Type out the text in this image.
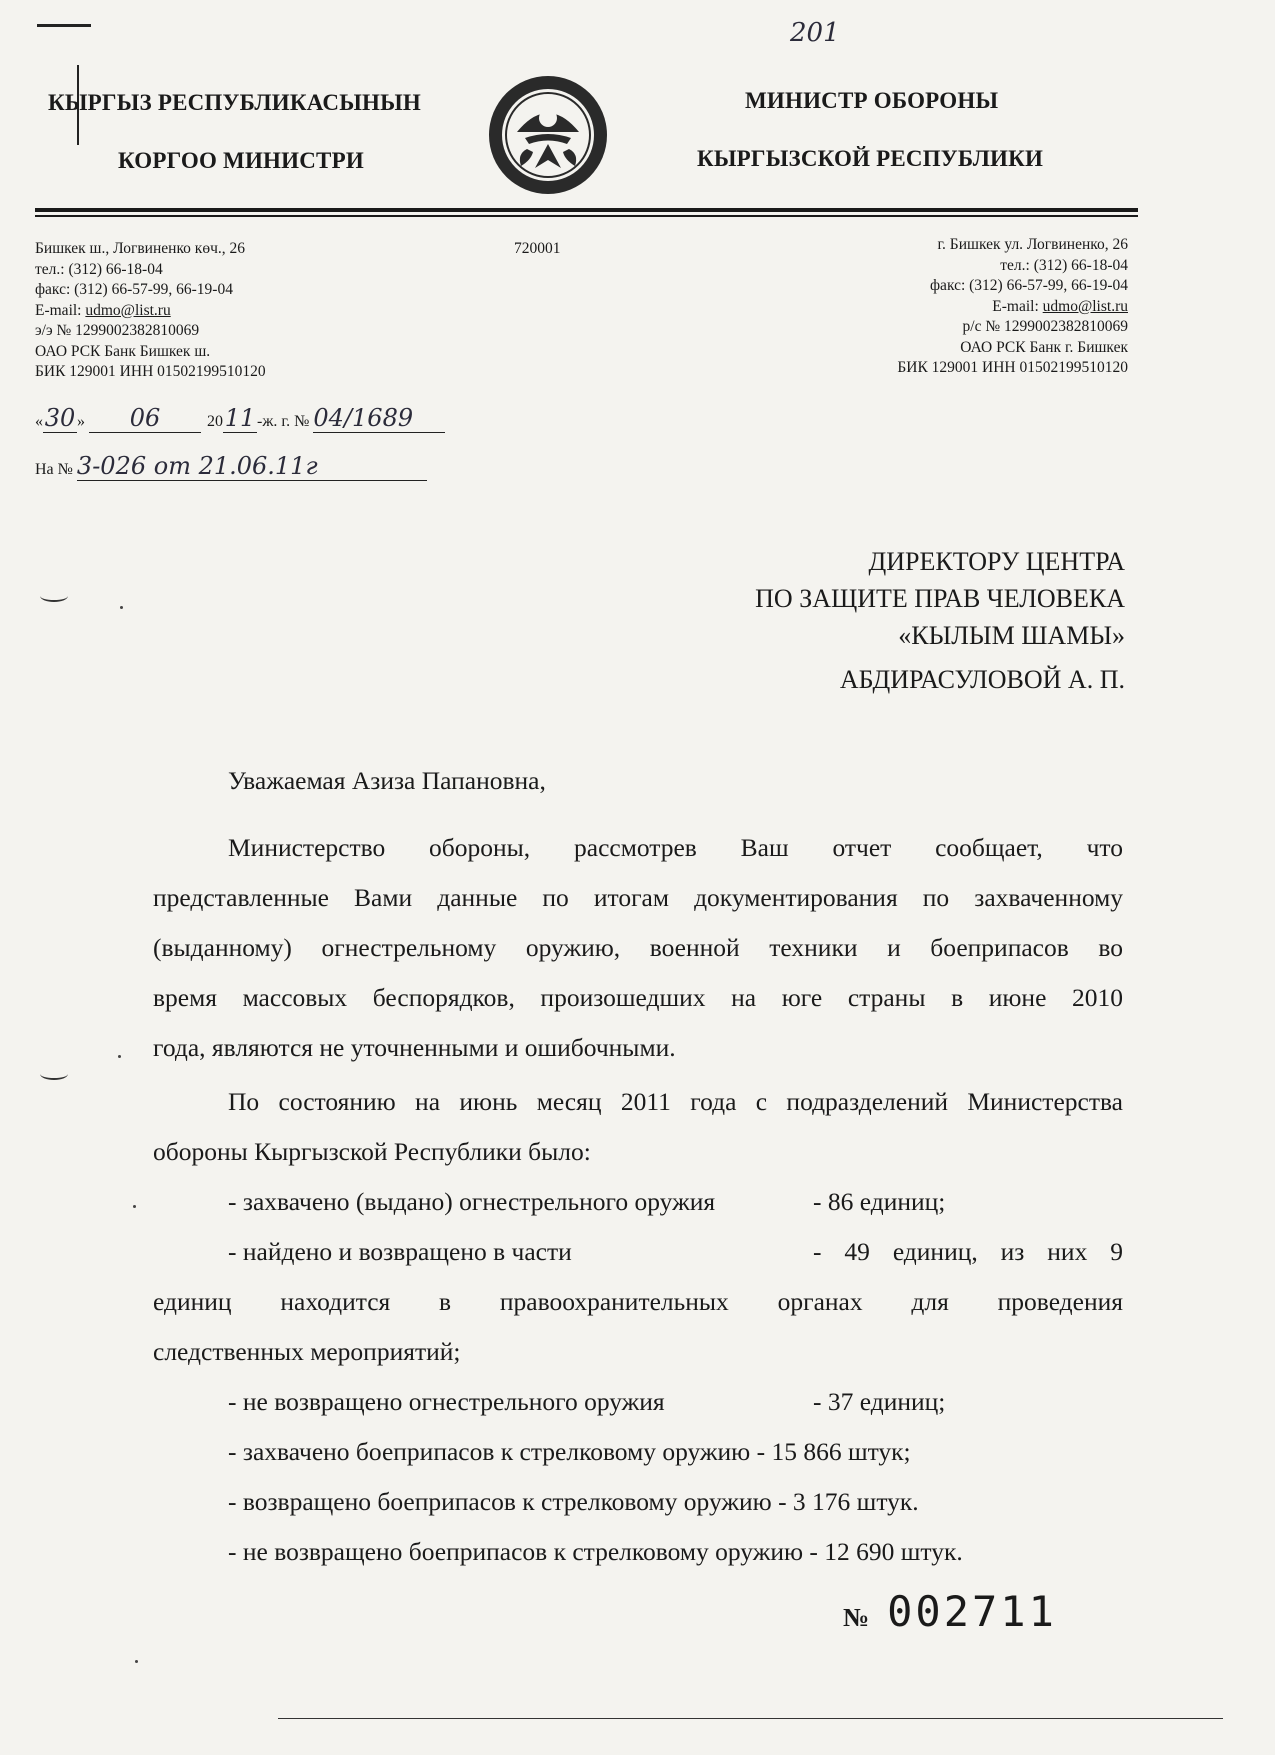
201
КЫРГЫЗ РЕСПУБЛИКАСЫНЫН
КОРГОО МИНИСТРИ
МИНИСТР ОБОРОНЫ
КЫРГЫЗСКОЙ РЕСПУБЛИКИ
Бишкек ш., Логвиненко көч., 26
тел.: (312) 66-18-04
факс: (312) 66-57-99, 66-19-04
E-mail: udmo@list.ru
э/э № 1299002382810069
ОАО РСК Банк Бишкек ш.
БИК 129001 ИНН 01502199510120
720001	г. Бишкек ул. Логвиненко, 26
тел.: (312) 66-18-04
факс: (312) 66-57-99, 66-19-04
E-mail: udmo@list.ru
р/с № 1299002382810069
ОАО РСК Банк г. Бишкек
БИК 129001 ИНН 01502199510120
«30 » 06	2011 -ж. г. № 04/1689
На № 3-026 от 21.06.11г
ДИРЕКТОРУ ЦЕНТРА
ПО ЗАЩИТЕ ПРАВ ЧЕЛОВЕКА
«КЫЛЫМ ШАМЫ»
АБДИРАСУЛОВОЙ А. П.
Уважаемая Азиза Папановна,
Министерство обороны, рассмотрев Ваш отчет сообщает, что
представленные Вами данные по итогам документирования по захваченному
(выданному) огнестрельному оружию, военной техники и боеприпасов во
время массовых беспорядков, произошедших на юге страны в июне 2010
года, являются не уточненными и ошибочными.
По состоянию на июнь месяц 2011 года с подразделений Министерства
обороны Кыргызской Республики было:
- захвачено (выдано) огнестрельного оружия	- 86 единиц;
- найдено и возвращено в части	- 49 единиц, из них 9
единиц находится в правоохранительных органах для проведения
следственных мероприятий;
- не возвращено огнестрельного оружия	- 37 единиц;
- захвачено боеприпасов к стрелковому оружию - 15 866 штук;
- возвращено боеприпасов к стрелковому оружию - 3 176 штук.
- не возвращено боеприпасов к стрелковому оружию - 12 690 штук.
№ 002711
